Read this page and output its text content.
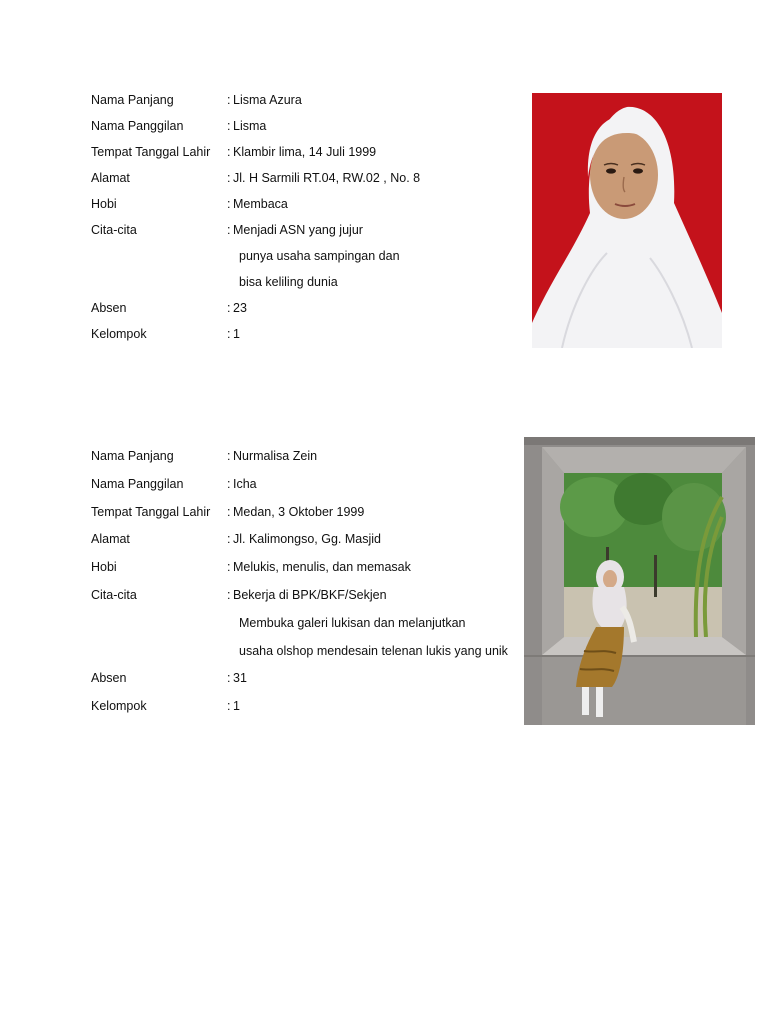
Nama Panjang	: Lisma Azura
Nama Panggilan	: Lisma
Tempat Tanggal Lahir	: Klambir lima, 14 Juli 1999
Alamat	: Jl. H Sarmili RT.04, RW.02 , No. 8
Hobi	: Membaca
Cita-cita	: Menjadi ASN yang jujur
punya usaha sampingan dan
bisa keliling dunia
Absen	: 23
Kelompok	: 1
Nama Panjang	: Nurmalisa Zein
Nama Panggilan	: Icha
Tempat Tanggal Lahir	: Medan, 3 Oktober 1999
Alamat	: Jl. Kalimongso, Gg. Masjid
Hobi	: Melukis, menulis, dan memasak
Cita-cita	: Bekerja di BPK/BKF/Sekjen
Membuka galeri lukisan dan melanjutkan
usaha olshop mendesain telenan lukis yang unik
Absen	: 31
Kelompok	: 1
